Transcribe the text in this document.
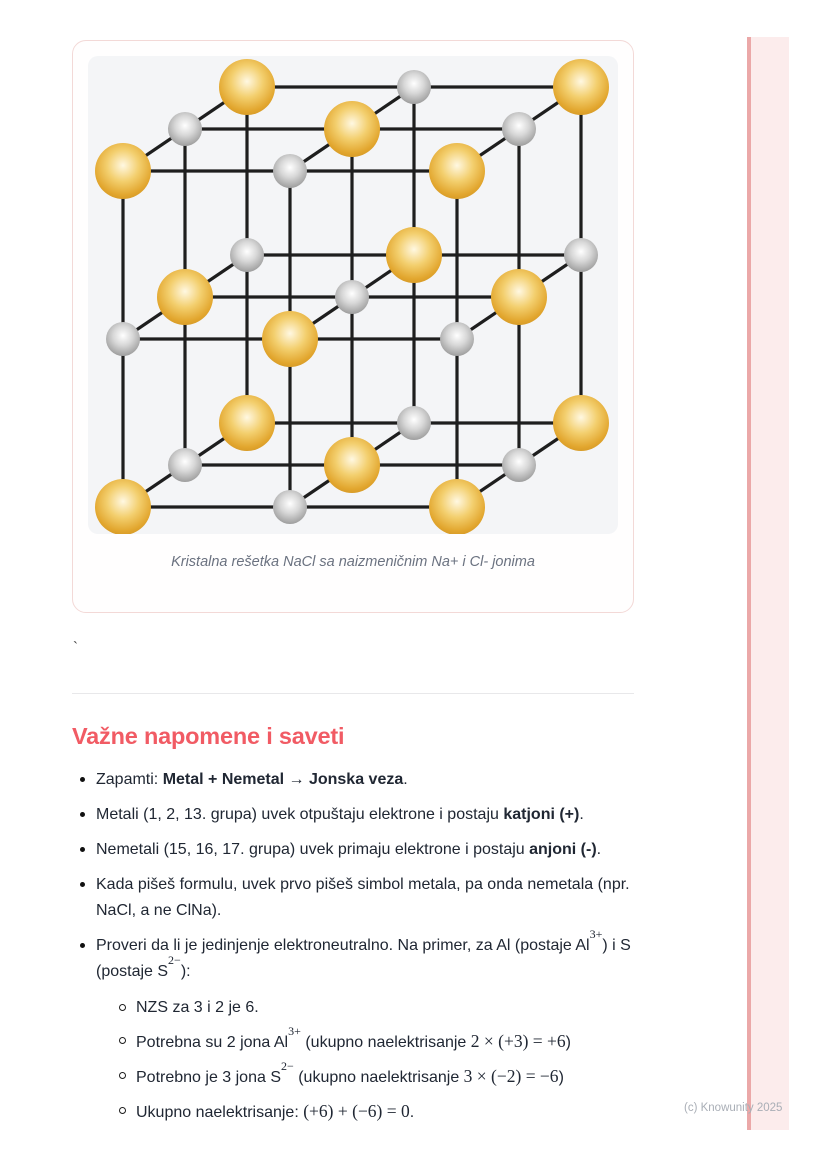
Kristalna rešetka NaCl sa naizmeničnim Na+ i Cl- jonima

`
Važne napomene i saveti
Zapamti: Metal + Nemetal → Jonska veza.
Metali (1, 2, 13. grupa) uvek otpuštaju elektrone i postaju katjoni (+).
Nemetali (15, 16, 17. grupa) uvek primaju elektrone i postaju anjoni (-).
Kada pišeš formulu, uvek prvo pišeš simbol metala, pa onda nemetala (npr. NaCl, a ne ClNa).
Proveri da li je jedinjenje elektroneutralno. Na primer, za Al (postaje $Al^{3+}$) i S (postaje $S^{2-}$):
NZS za 3 i 2 je 6.
Potrebna su 2 jona $Al^{3+}$ (ukupno naelektrisanje 2 × (+3) = +6)
Potrebno je 3 jona $S^{2-}$ (ukupno naelektrisanje 3 × (−2) = −6)
Ukupno naelektrisanje: (+6) + (−6) = 0.	(c) Knowunity 2025
